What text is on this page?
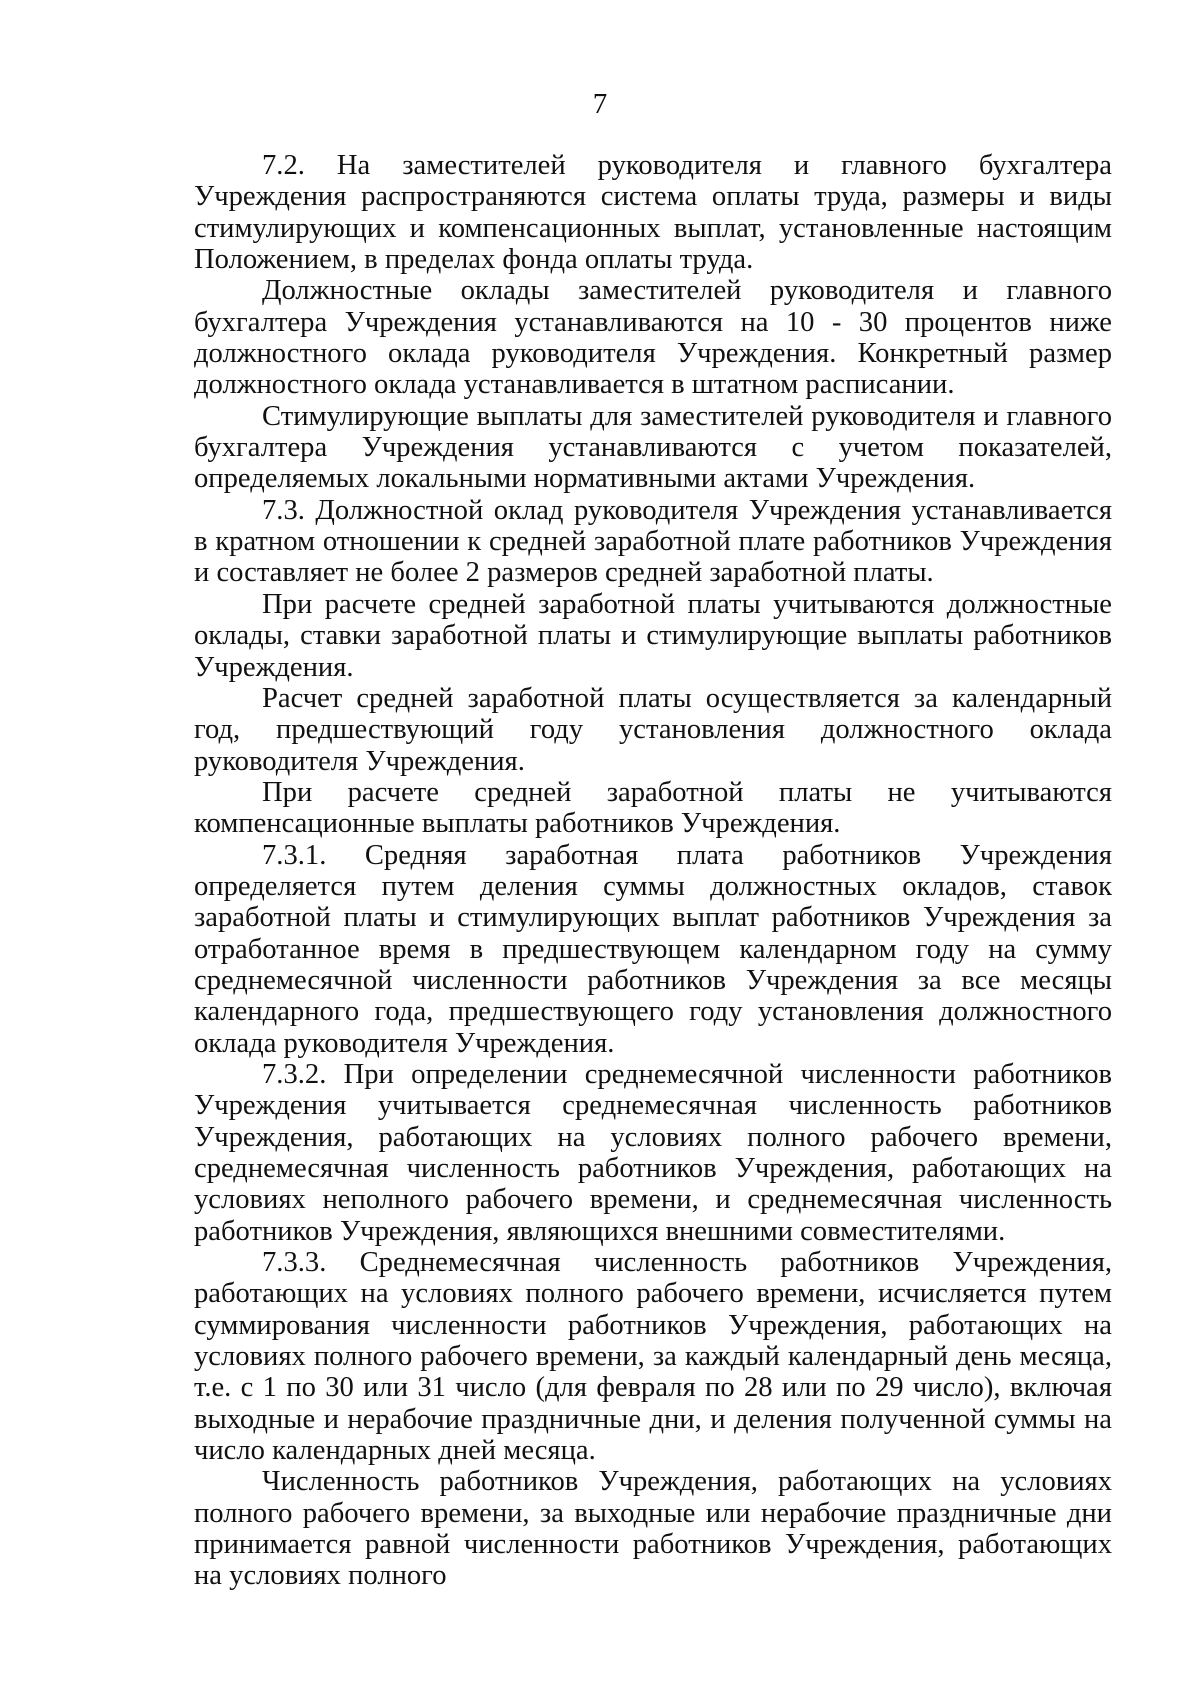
7

7.2. На заместителей руководителя и главного бухгалтера Учреждения распространяются система оплаты труда, размеры и виды стимулирующих и компенсационных выплат, установленные настоящим Положением, в пределах фонда оплаты труда.

Должностные оклады заместителей руководителя и главного бухгалтера Учреждения устанавливаются на 10 - 30 процентов ниже должностного оклада руководителя Учреждения. Конкретный размер должностного оклада устанавливается в штатном расписании.

Стимулирующие выплаты для заместителей руководителя и главного бухгалтера Учреждения устанавливаются с учетом показателей, определяемых локальными нормативными актами Учреждения.

7.3. Должностной оклад руководителя Учреждения устанавливается в кратном отношении к средней заработной плате работников Учреждения и составляет не более 2 размеров средней заработной платы.

При расчете средней заработной платы учитываются должностные оклады, ставки заработной платы и стимулирующие выплаты работников Учреждения.

Расчет средней заработной платы осуществляется за календарный год, предшествующий году установления должностного оклада руководителя Учреждения.

При расчете средней заработной платы не учитываются компенсационные выплаты работников Учреждения.

7.3.1. Средняя заработная плата работников Учреждения определяется путем деления суммы должностных окладов, ставок заработной платы и стимулирующих выплат работников Учреждения за отработанное время в предшествующем календарном году на сумму среднемесячной численности работников Учреждения за все месяцы календарного года, предшествующего году установления должностного оклада руководителя Учреждения.

7.3.2. При определении среднемесячной численности работников Учреждения учитывается среднемесячная численность работников Учреждения, работающих на условиях полного рабочего времени, среднемесячная численность работников Учреждения, работающих на условиях неполного рабочего времени, и среднемесячная численность работников Учреждения, являющихся внешними совместителями.

7.3.3. Среднемесячная численность работников Учреждения, работающих на условиях полного рабочего времени, исчисляется путем суммирования численности работников Учреждения, работающих на условиях полного рабочего времени, за каждый календарный день месяца, т.е. с 1 по 30 или 31 число (для февраля по 28 или по 29 число), включая выходные и нерабочие праздничные дни, и деления полученной суммы на число календарных дней месяца.

Численность работников Учреждения, работающих на условиях полного рабочего времени, за выходные или нерабочие праздничные дни принимается равной численности работников Учреждения, работающих на условиях полного
